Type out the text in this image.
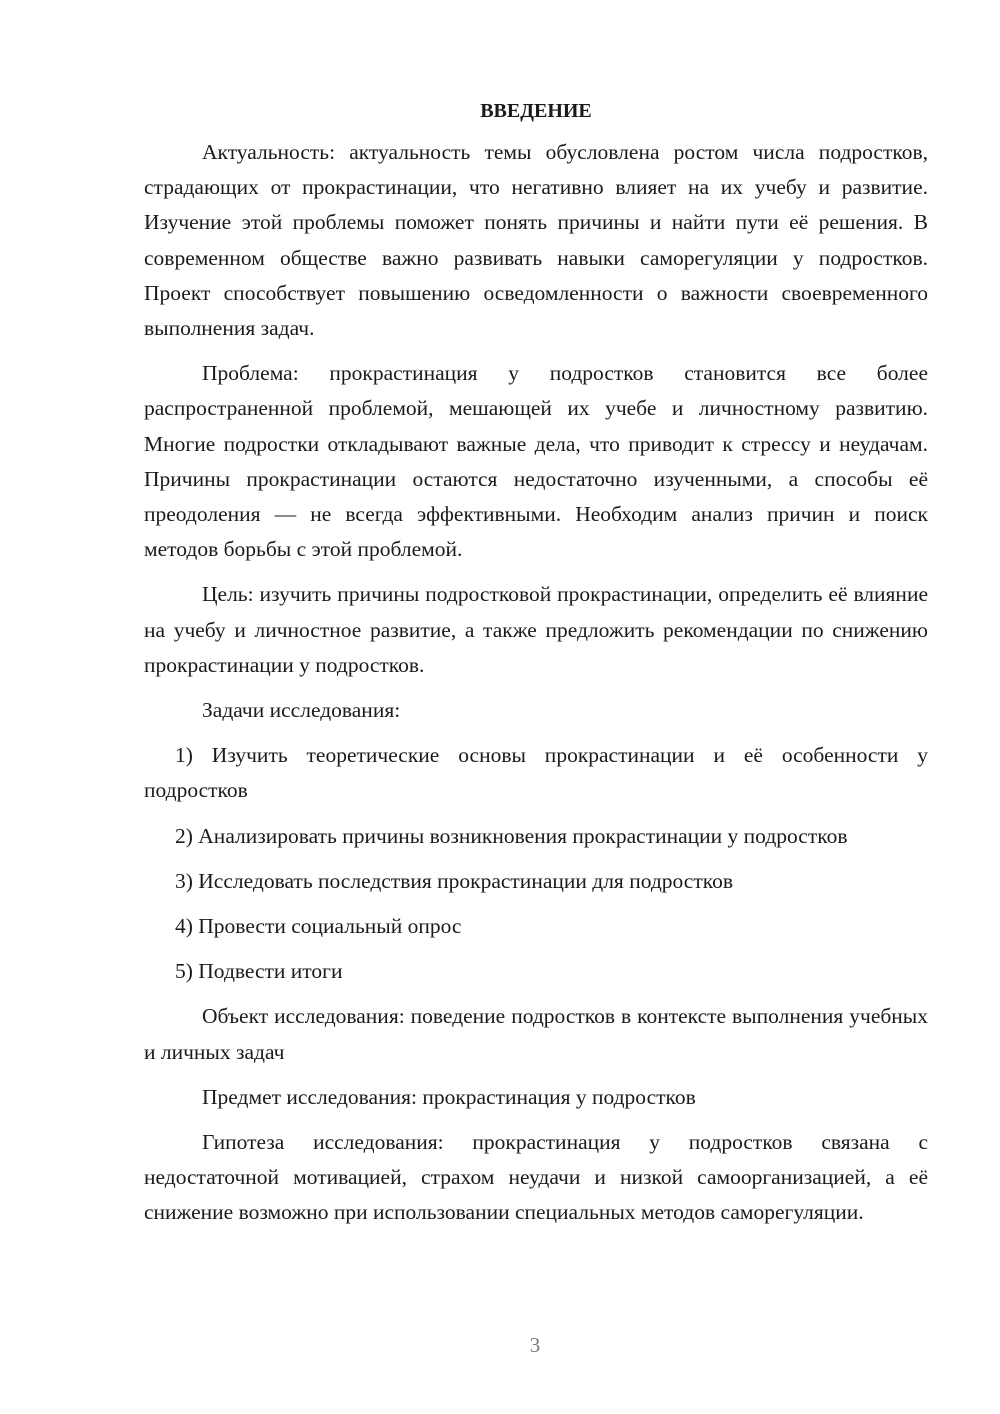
ВВЕДЕНИЕ

Актуальность: актуальность темы обусловлена ростом числа подростков, страдающих от прокрастинации, что негативно влияет на их учебу и развитие. Изучение этой проблемы поможет понять причины и найти пути её решения. В современном обществе важно развивать навыки саморегуляции у подростков. Проект способствует повышению осведомленности о важности своевременного выполнения задач.

Проблема: прокрастинация у подростков становится все более распространенной проблемой, мешающей их учебе и личностному развитию. Многие подростки откладывают важные дела, что приводит к стрессу и неудачам. Причины прокрастинации остаются недостаточно изученными, а способы её преодоления — не всегда эффективными. Необходим анализ причин и поиск методов борьбы с этой проблемой.

Цель: изучить причины подростковой прокрастинации, определить её влияние на учебу и личностное развитие, а также предложить рекомендации по снижению прокрастинации у подростков.

Задачи исследования:

1) Изучить теоретические основы прокрастинации и её особенности у подростков

2) Анализировать причины возникновения прокрастинации у подростков

3) Исследовать последствия прокрастинации для подростков

4) Провести социальный опрос

5) Подвести итоги

Объект исследования: поведение подростков в контексте выполнения учебных и личных задач

Предмет исследования: прокрастинация у подростков

Гипотеза исследования: прокрастинация у подростков связана с недостаточной мотивацией, страхом неудачи и низкой самоорганизацией, а её снижение возможно при использовании специальных методов саморегуляции.

3
